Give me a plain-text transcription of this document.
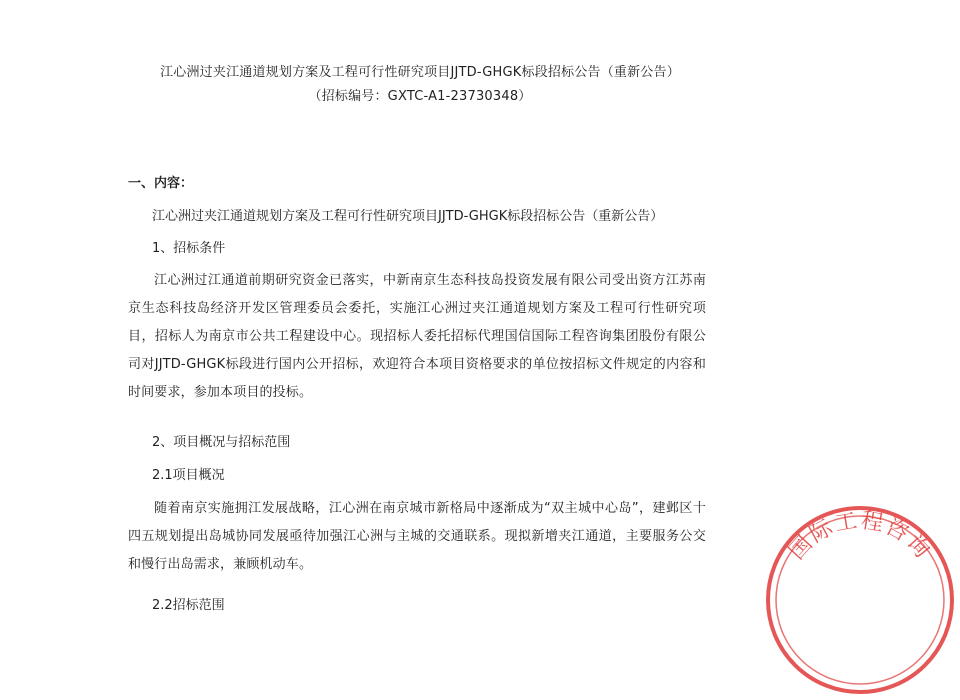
江心洲过夹江通道规划方案及工程可行性研究项目JJTD-GHGK标段招标公告（重新公告）
（招标编号：GXTC-A1-23730348）
一、内容：
江心洲过夹江通道规划方案及工程可行性研究项目JJTD-GHGK标段招标公告（重新公告）
1、招标条件
江心洲过江通道前期研究资金已落实，中新南京生态科技岛投资发展有限公司受出资方江苏南京生态科技岛经济开发区管理委员会委托，实施江心洲过夹江通道规划方案及工程可行性研究项目，招标人为南京市公共工程建设中心。现招标人委托招标代理国信国际工程咨询集团股份有限公司对JJTD-GHGK标段进行国内公开招标，欢迎符合本项目资格要求的单位按招标文件规定的内容和时间要求，参加本项目的投标。
2、项目概况与招标范围
2.1项目概况
随着南京实施拥江发展战略，江心洲在南京城市新格局中逐渐成为“双主城中心岛”，建邺区十四五规划提出岛城协同发展亟待加强江心洲与主城的交通联系。现拟新增夹江通道，主要服务公交和慢行出岛需求，兼顾机动车。
2.2招标范围
国际工程咨询
